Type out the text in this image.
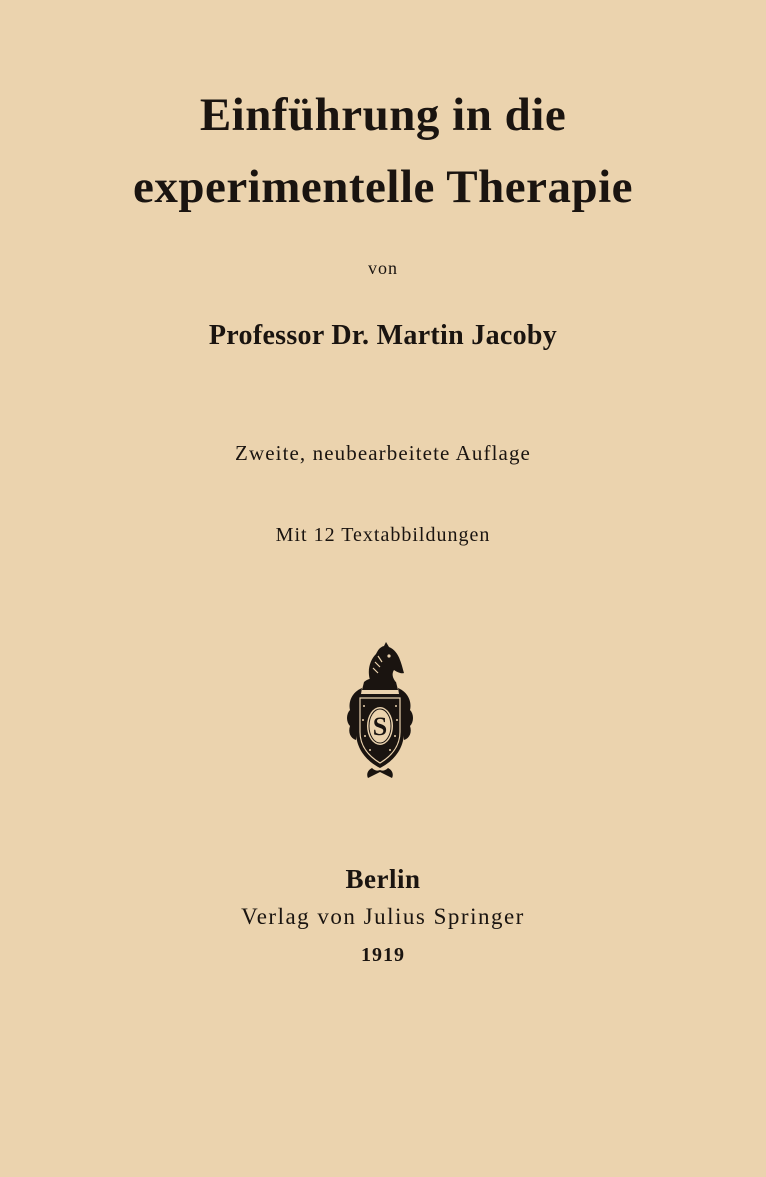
Einführung in die
experimentelle Therapie
von
Professor Dr. Martin Jacoby
Zweite, neubearbeitete Auflage
Mit 12 Textabbildungen
S
Berlin
Verlag von Julius Springer
1919
